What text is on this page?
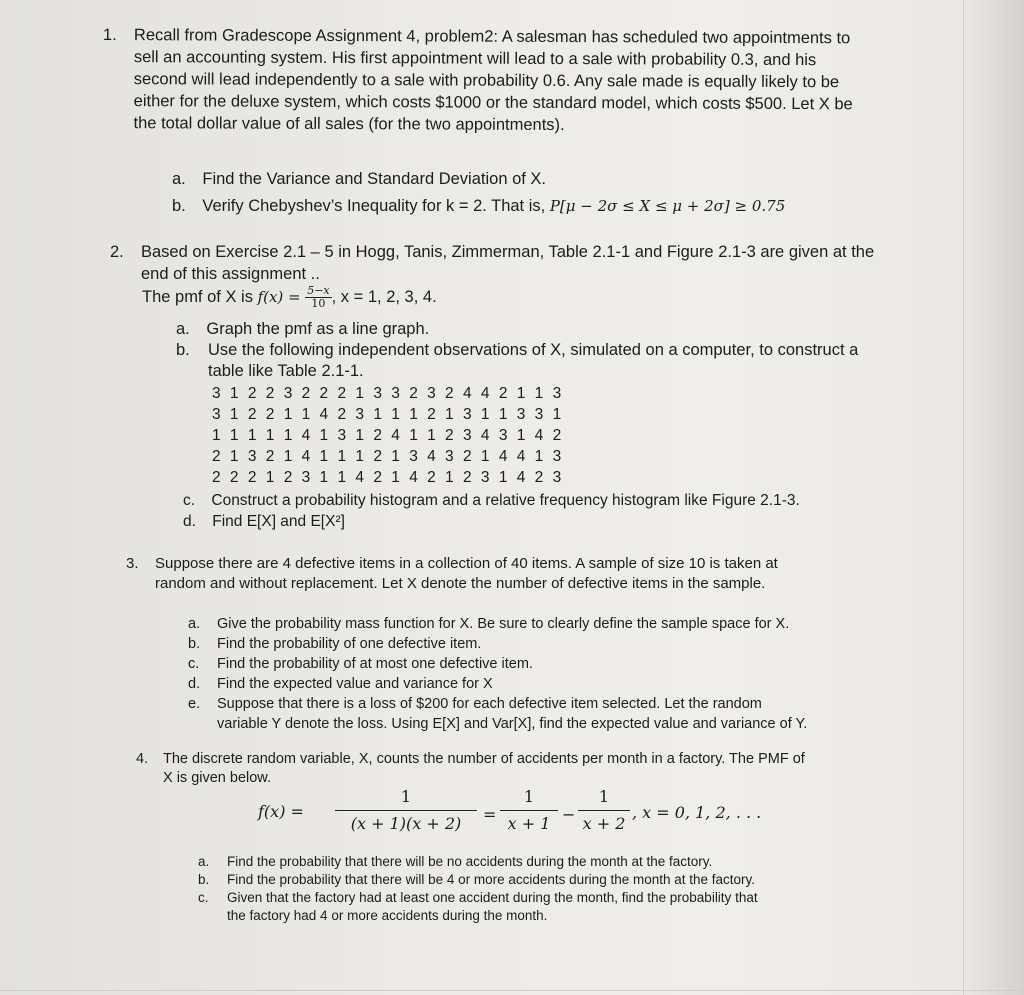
1. Recall from Gradescope Assignment 4, problem2: A salesman has scheduled two appointments to
sell an accounting system. His first appointment will lead to a sale with probability 0.3, and his
second will lead independently to a sale with probability 0.6. Any sale made is equally likely to be
either for the deluxe system, which costs $1000 or the standard model, which costs $500. Let X be
the total dollar value of all sales (for the two appointments).
a. Find the Variance and Standard Deviation of X.
b. Verify Chebyshev’s Inequality for k = 2. That is, P[μ − 2σ ≤ X ≤ μ + 2σ] ≥ 0.75
2. Based on Exercise 2.1 – 5 in Hogg, Tanis, Zimmerman, Table 2.1-1 and Figure 2.1-3 are given at the
end of this assignment ..
The pmf of X is $f(x) = \frac{5-x}{10}$ , x = 1, 2, 3, 4.
a. Graph the pmf as a line graph.
b. Use the following independent observations of X, simulated on a computer, to construct a
table like Table 2.1-1.
3 1 2 2 3 2 2 2 1 3 3 2 3 2 4 4 2 1 1 3
3 1 2 2 1 1 4 2 3 1 1 1 2 1 3 1 1 3 3 1
1 1 1 1 1 4 1 3 1 2 4 1 1 2 3 4 3 1 4 2
2 1 3 2 1 4 1 1 1 2 1 3 4 3 2 1 4 4 1 3
2 2 2 1 2 3 1 1 4 2 1 4 2 1 2 3 1 4 2 3
c. Construct a probability histogram and a relative frequency histogram like Figure 2.1-3.
d. Find E[X] and E[X²]
3. Suppose there are 4 defective items in a collection of 40 items. A sample of size 10 is taken at
random and without replacement. Let X denote the number of defective items in the sample.
a. Give the probability mass function for X. Be sure to clearly define the sample space for X.
b. Find the probability of one defective item.
c. Find the probability of at most one defective item.
d. Find the expected value and variance for X
e. Suppose that there is a loss of $200 for each defective item selected. Let the random
variable Y denote the loss. Using E[X] and Var[X], find the expected value and variance of Y.
4. The discrete random variable, X, counts the number of accidents per month in a factory. The PMF of
X is given below.
$f(x) = \frac{1}{(x + 1)(x + 2)} = \frac{1}{x + 1} - \frac{1}{x + 2}$ , x = 0, 1, 2, . . .
a. Find the probability that there will be no accidents during the month at the factory.
b. Find the probability that there will be 4 or more accidents during the month at the factory.
c. Given that the factory had at least one accident during the month, find the probability that
the factory had 4 or more accidents during the month.
